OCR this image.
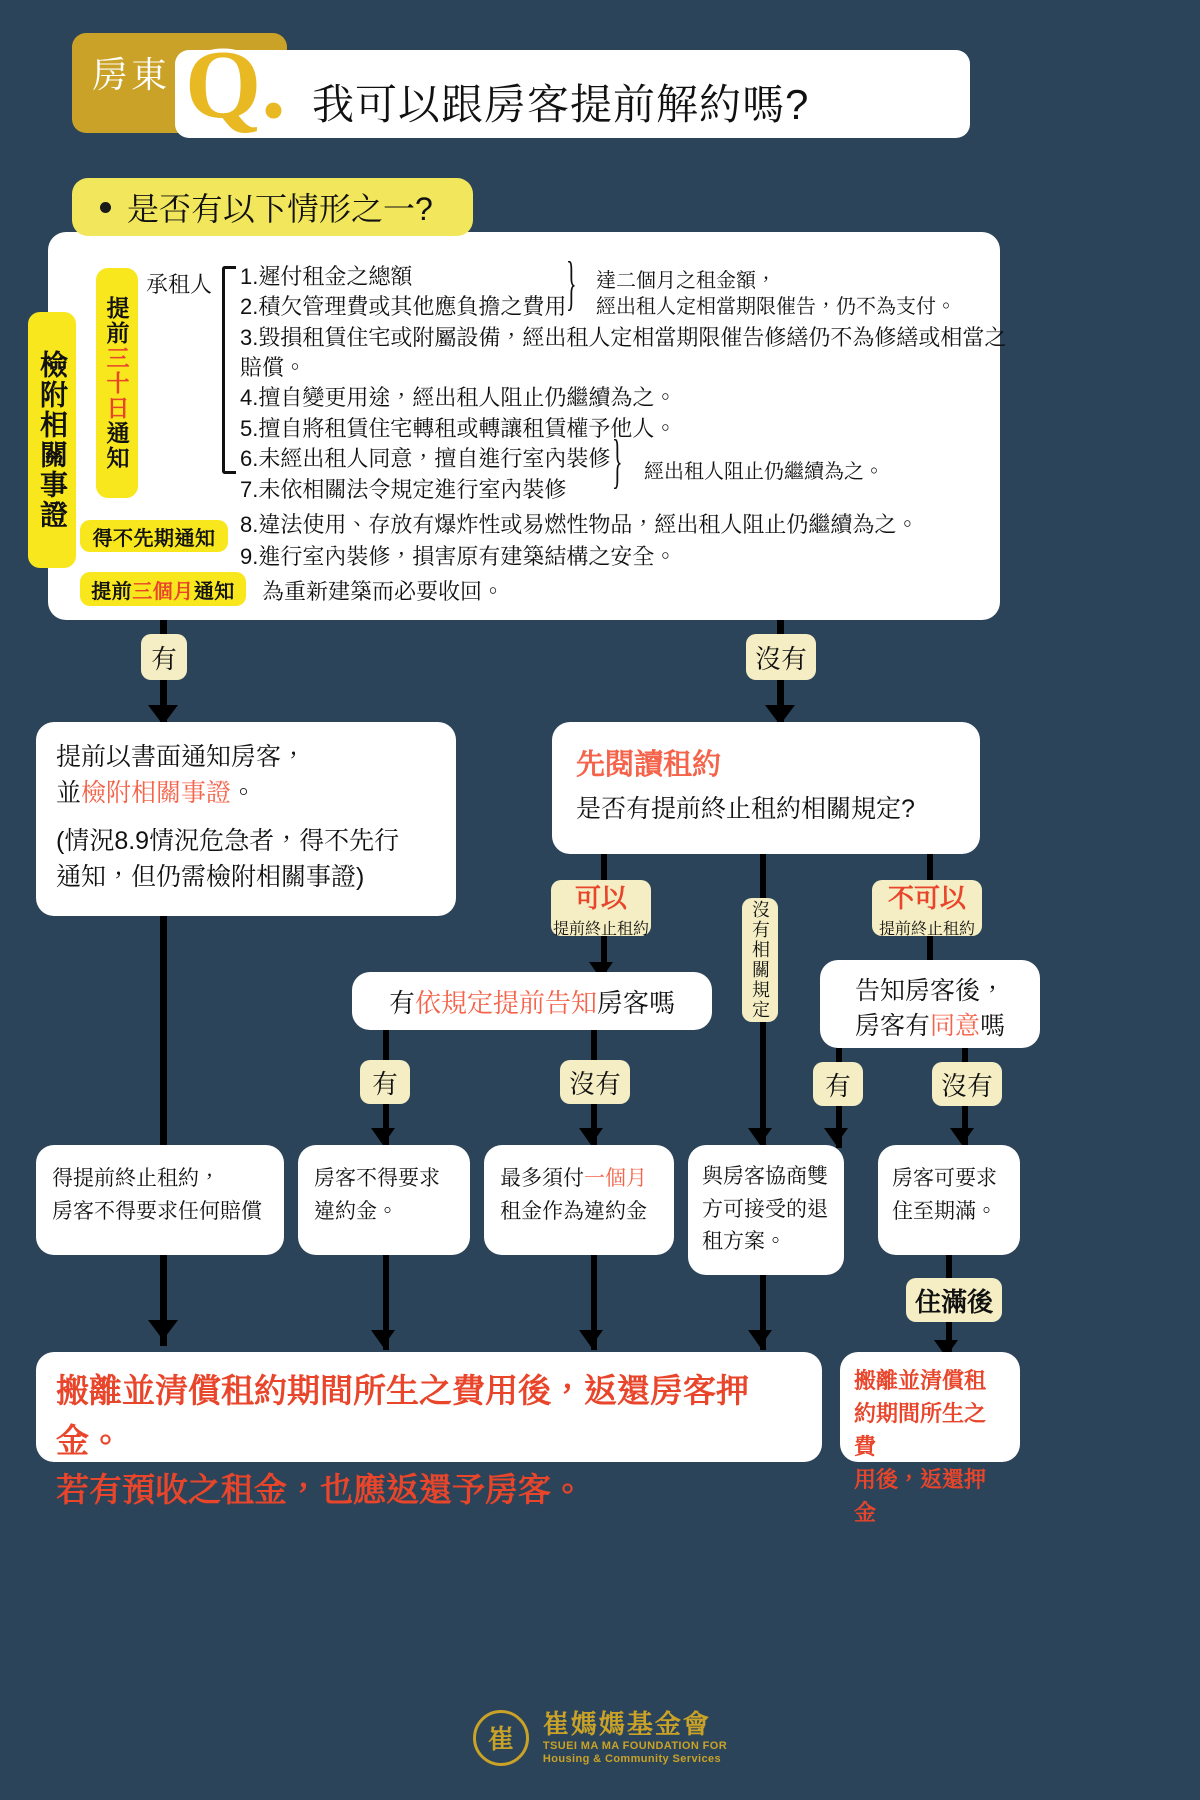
房東 Q. 我可以跟房客提前解約嗎?
是否有以下情形之一?
檢附相關事證
提前
三十日
通知
得不先期通知
提前 三個月 通知
承租人 1.遲付租金之總額
2.積欠管理費或其他應負擔之費用
3.毀損租賃住宅或附屬設備，經出租人定相當期限催告修繕仍不為修繕或相當之
賠償。
4.擅自變更用途，經出租人阻止仍繼續為之。
5.擅自將租賃住宅轉租或轉讓租賃權予他人。
6.未經出租人同意，擅自進行室內裝修
7.未依相關法令規定進行室內裝修
} 達二個月之租金額，
經出租人定相當期限催告，仍不為支付。
} 經出租人阻止仍繼續為之。
8.違法使用、存放有爆炸性或易燃性物品，經出租人阻止仍繼續為之。
9.進行室內裝修，損害原有建築結構之安全。
為重新建築而必要收回。
有	沒有
提前以書面通知房客，
並檢附相關事證。
(情況8.9情況危急者，得不先行
通知，但仍需檢附相關事證)
先閱讀租約
是否有提前終止租約相關規定?
可以
提前終止租約	沒有相關規定
不可以
提前終止租約
有 依規定提前告知 房客嗎	告知房客後，
房客有同意嗎
有	沒有	有	沒有
得提前終止租約，
房客不得要求任何賠償
房客不得要求
違約金。
最多須付一個月
租金作為違約金
與房客協商雙
方可接受的退
租方案。
房客可要求
住至期滿。
住滿後
搬離並清償租約期間所生之費用後，返還房客押金。
若有預收之租金，也應返還予房客。
搬離並清償租
約期間所生之費
用後，返還押金
崔
崔媽媽基金會
TSUEI MA MA FOUNDATION FOR
Housing & Community Services
